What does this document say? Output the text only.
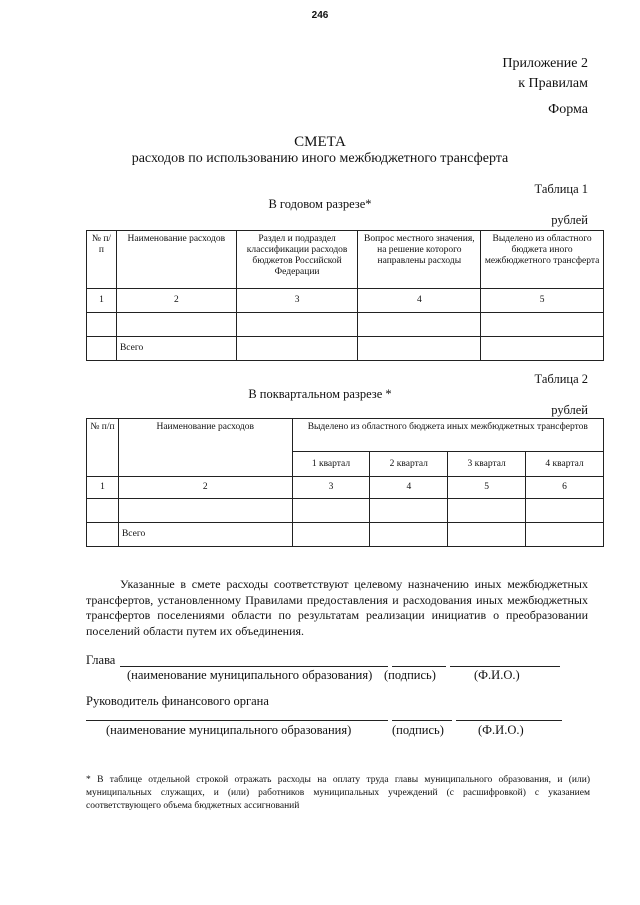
246
Приложение 2
к Правилам
Форма
СМЕТА
расходов по использованию иного межбюджетного трансферта
Таблица 1
В годовом разрезе*
рублей
№ п/п	Наименование расходов	Раздел и подраздел классификации расходов бюджетов Российской Федерации	Вопрос местного значения, на решение которого направлены расходы	Выделено из областного бюджета иного межбюджетного трансферта
1	2	3	4	5

	Всего			
Таблица 2
В поквартальном разрезе *
рублей
№ п/п	Наименование расходов	Выделено из областного бюджета иных межбюджетных трансфертов			
		1 квартал	2 квартал	3 квартал	4 квартал
1	2	3	4	5	6

	Всего				
Указанные в смете расходы соответствуют целевому назначению иных межбюджетных трансфертов, установленному Правилами предоставления и расходования иных межбюджетных трансфертов поселениями области по результатам реализации инициатив о преобразовании поселений области путем их объединения.
Глава
(наименование муниципального образования) (подпись)	(Ф.И.О.)
Руководитель финансового органа
(наименование муниципального образования)	(подпись)	(Ф.И.О.)
* В таблице отдельной строкой отражать расходы на оплату труда главы муниципального образования, и (или) муниципальных служащих, и (или) работников муниципальных учреждений (с расшифровкой) с указанием соответствующего объема бюджетных ассигнований
